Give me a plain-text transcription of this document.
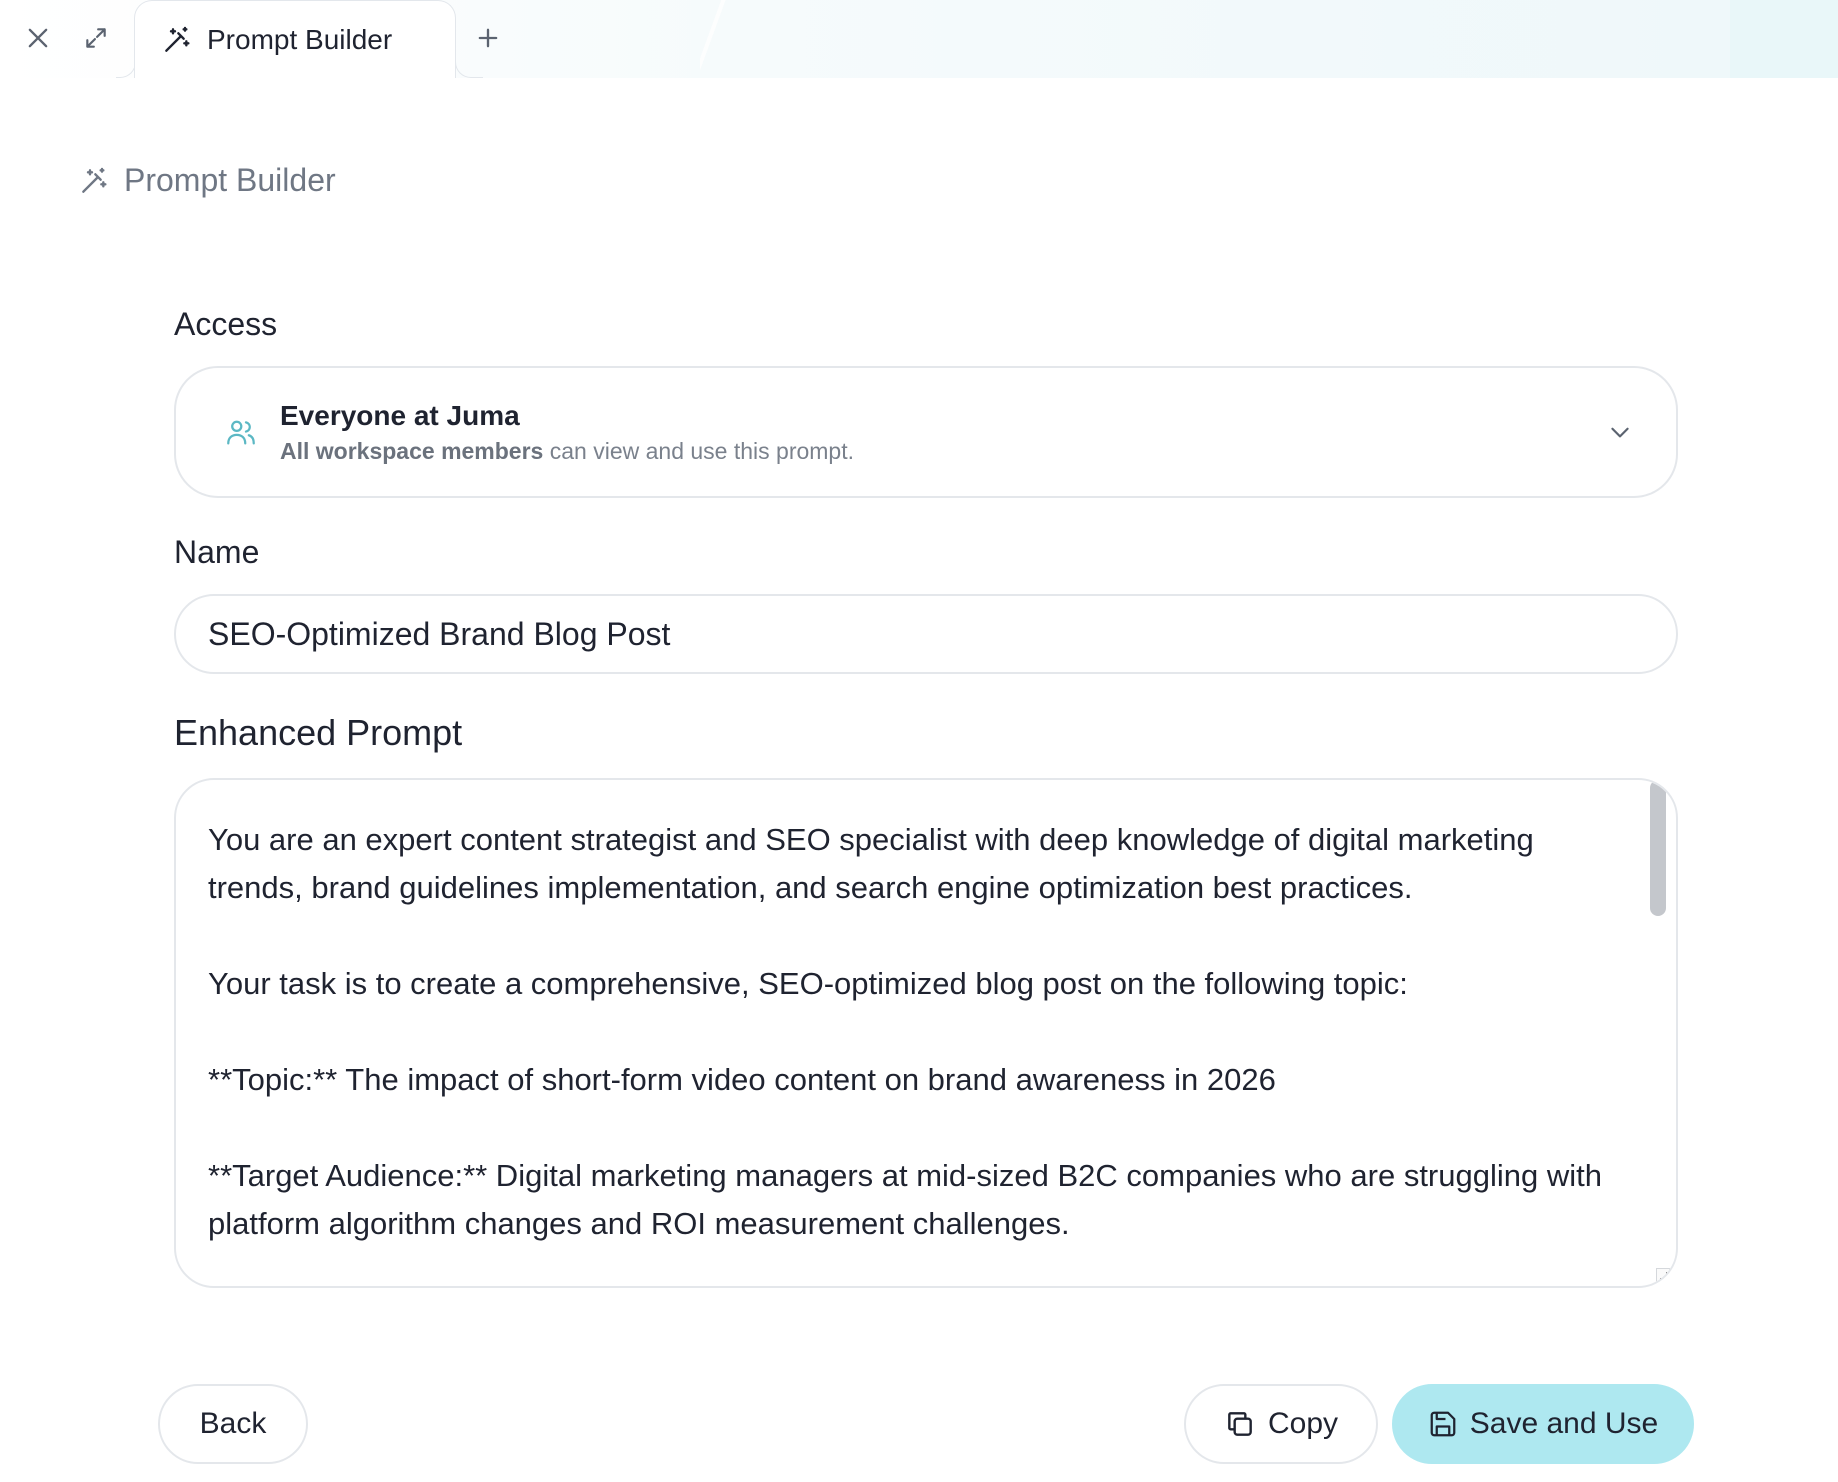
Prompt Builder
Prompt Builder
Access
Everyone at Juma
All workspace members can view and use this prompt.
Name
SEO-Optimized Brand Blog Post
Enhanced Prompt
You are an expert content strategist and SEO specialist with deep knowledge of digital marketing trends, brand guidelines implementation, and search engine optimization best practices.

Your task is to create a comprehensive, SEO-optimized blog post on the following topic:

**Topic:** The impact of short-form video content on brand awareness in 2026

**Target Audience:** Digital marketing managers at mid-sized B2C companies who are struggling with platform algorithm changes and ROI measurement challenges.
Back	Copy	Save and Use
